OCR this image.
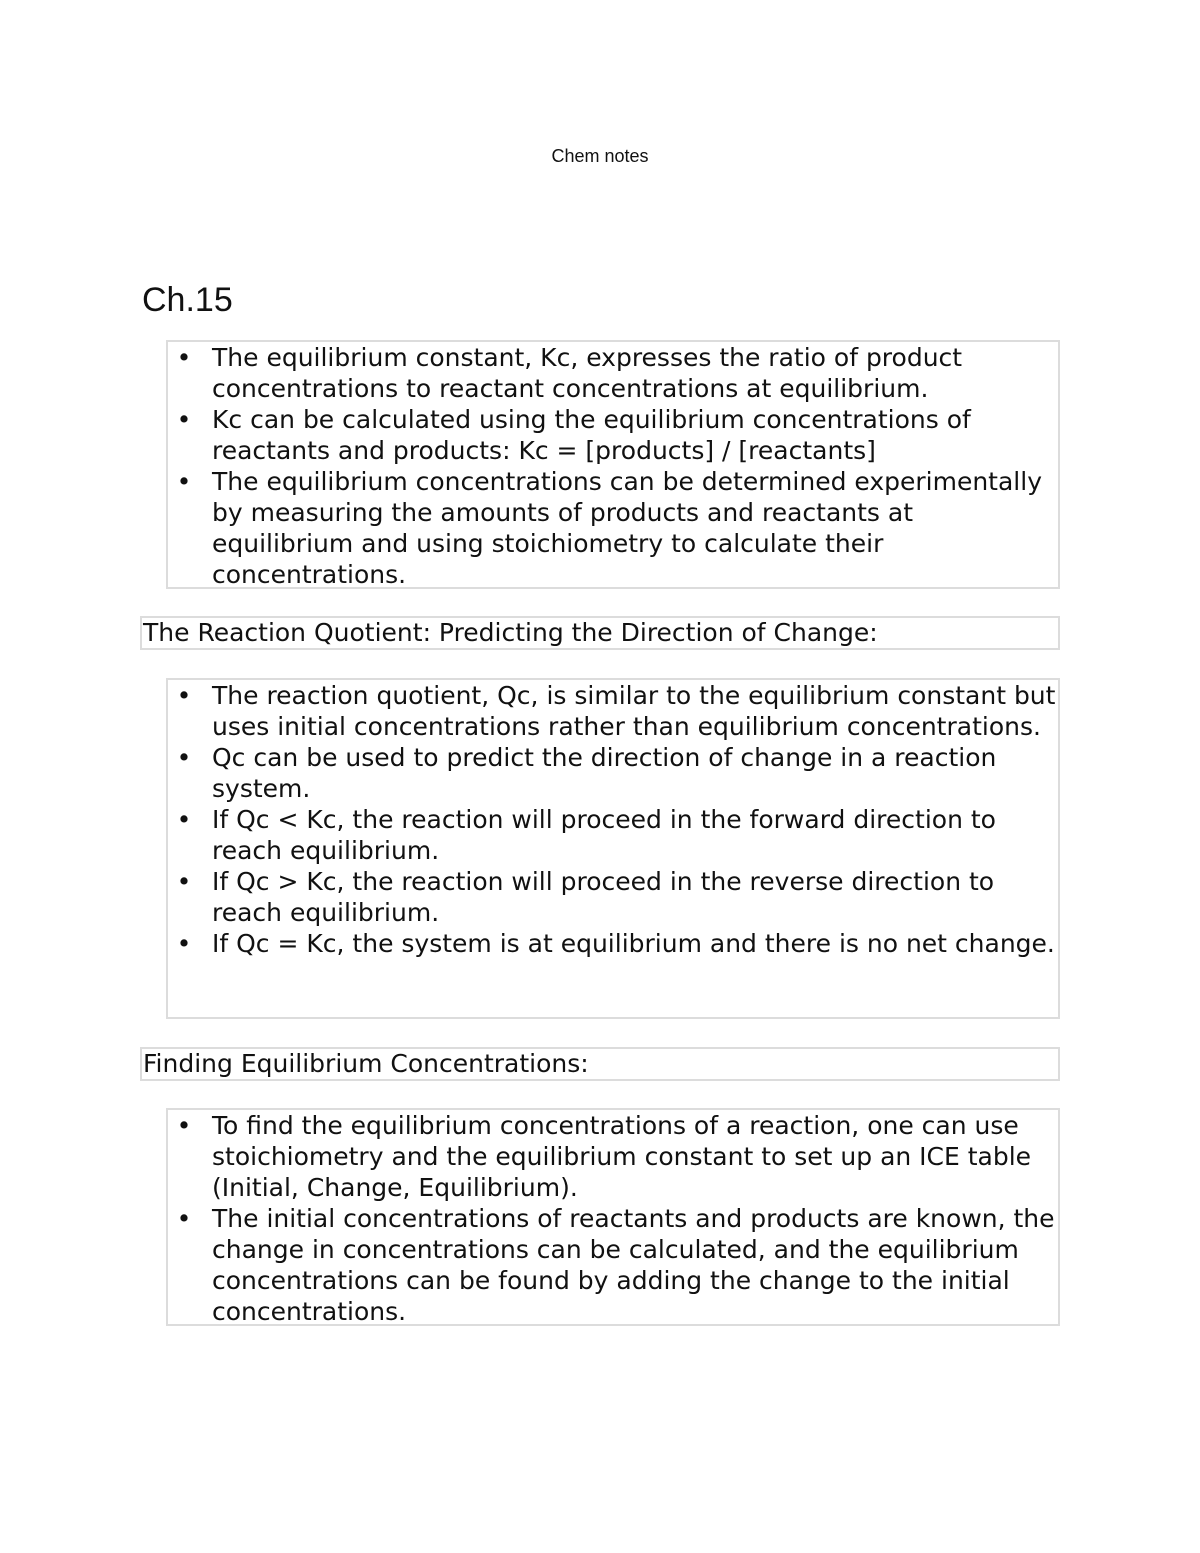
Chem notes
Ch.15
• The equilibrium constant, Kc, expresses the ratio of product concentrations to reactant concentrations at equilibrium.
• Kc can be calculated using the equilibrium concentrations of reactants and products: Kc = [products] / [reactants]
• The equilibrium concentrations can be determined experimentally by measuring the amounts of products and reactants at equilibrium and using stoichiometry to calculate their concentrations.
The Reaction Quotient: Predicting the Direction of Change:
• The reaction quotient, Qc, is similar to the equilibrium constant but uses initial concentrations rather than equilibrium concentrations.
• Qc can be used to predict the direction of change in a reaction system.
• If Qc < Kc, the reaction will proceed in the forward direction to reach equilibrium.
• If Qc > Kc, the reaction will proceed in the reverse direction to reach equilibrium.
• If Qc = Kc, the system is at equilibrium and there is no net change.
Finding Equilibrium Concentrations:
• To find the equilibrium concentrations of a reaction, one can use stoichiometry and the equilibrium constant to set up an ICE table (Initial, Change, Equilibrium).
• The initial concentrations of reactants and products are known, the change in concentrations can be calculated, and the equilibrium concentrations can be found by adding the change to the initial concentrations.
